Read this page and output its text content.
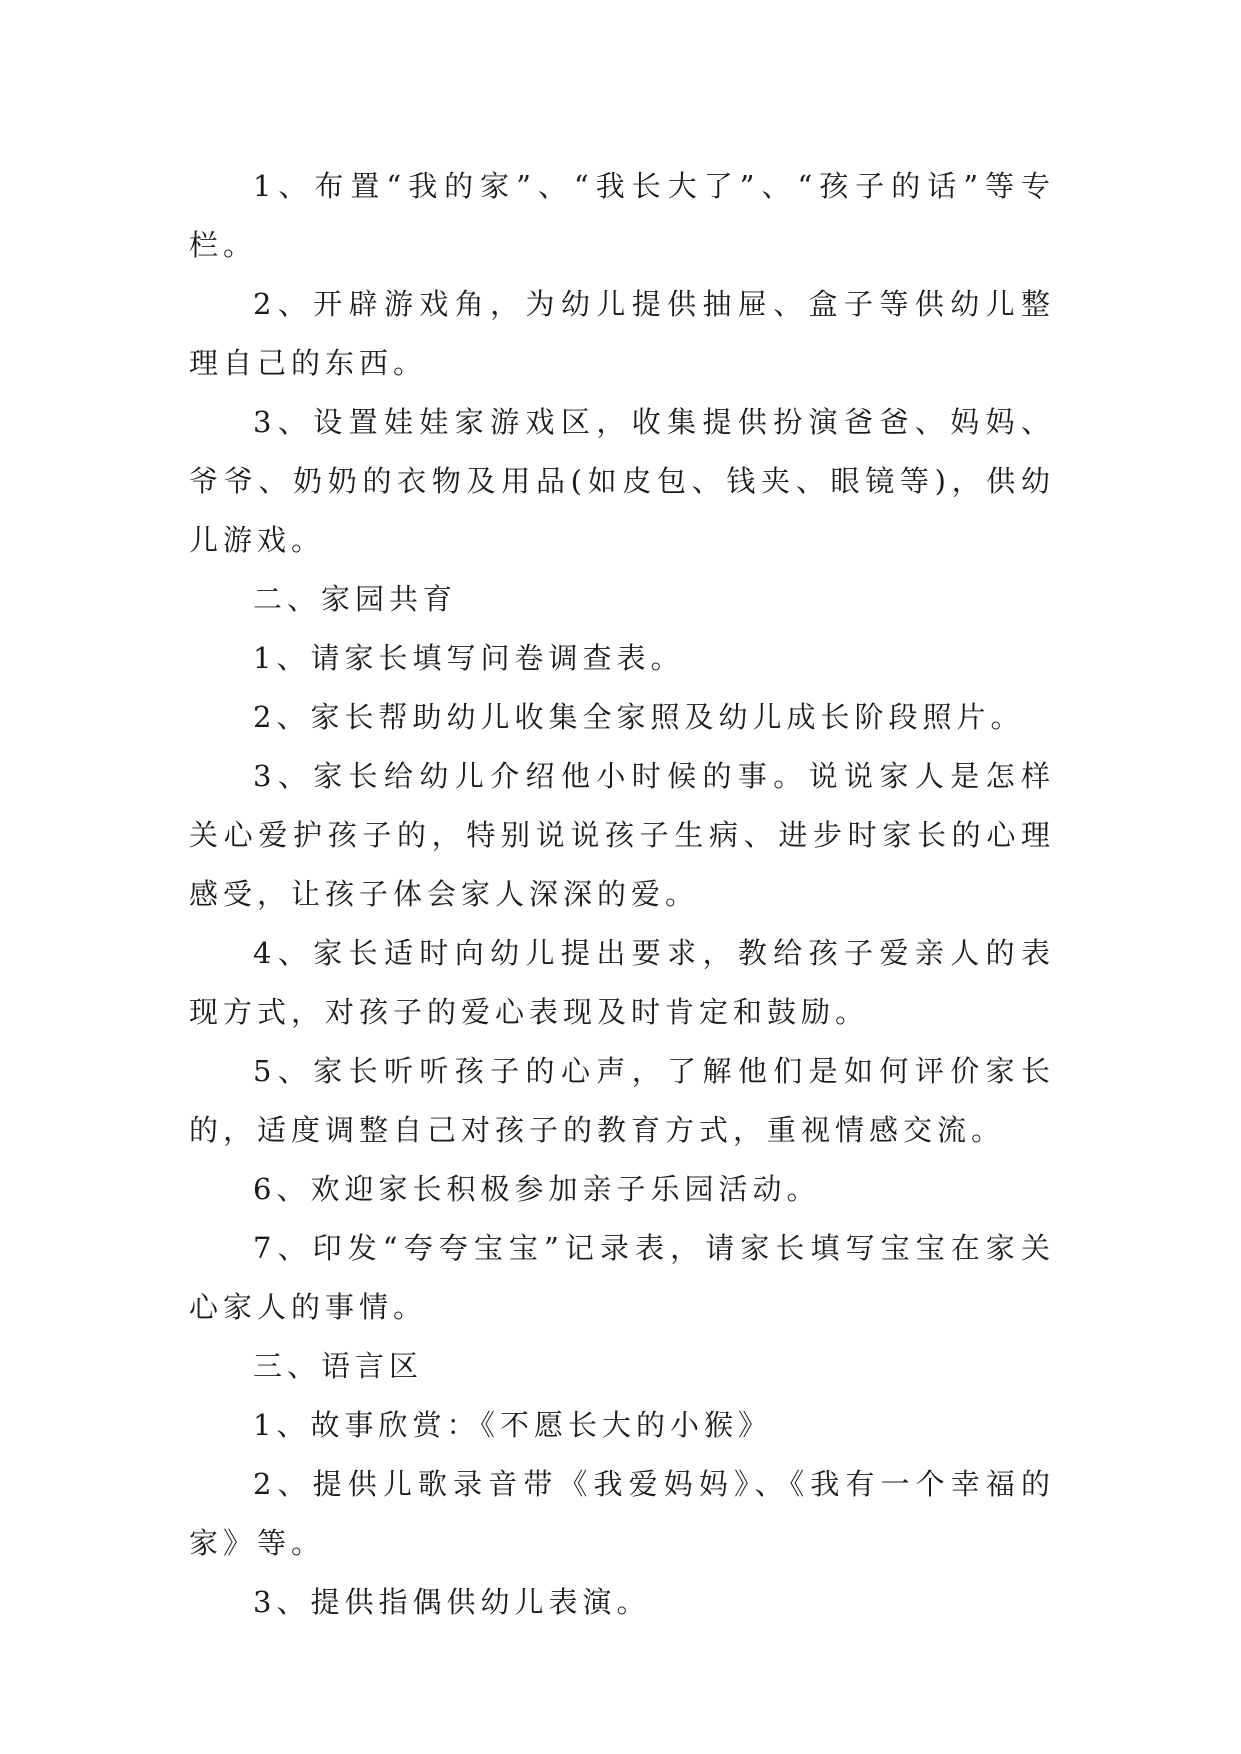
1、布置“我的家”、“我长大了”、“孩子的话”等专栏。

2、开辟游戏角，为幼儿提供抽屉、盒子等供幼儿整理自己的东西。

3、设置娃娃家游戏区，收集提供扮演爸爸、妈妈、爷爷、奶奶的衣物及用品(如皮包、钱夹、眼镜等)，供幼儿游戏。

二、家园共育

1、请家长填写问卷调查表。

2、家长帮助幼儿收集全家照及幼儿成长阶段照片。

3、家长给幼儿介绍他小时候的事。说说家人是怎样关心爱护孩子的，特别说说孩子生病、进步时家长的心理感受，让孩子体会家人深深的爱。

4、家长适时向幼儿提出要求，教给孩子爱亲人的表现方式，对孩子的爱心表现及时肯定和鼓励。

5、家长听听孩子的心声，了解他们是如何评价家长的，适度调整自己对孩子的教育方式，重视情感交流。

6、欢迎家长积极参加亲子乐园活动。

7、印发“夸夸宝宝”记录表，请家长填写宝宝在家关心家人的事情。

三、语言区

1、故事欣赏：《不愿长大的小猴》

2、提供儿歌录音带《我爱妈妈》、《我有一个幸福的家》等。

3、提供指偶供幼儿表演。
